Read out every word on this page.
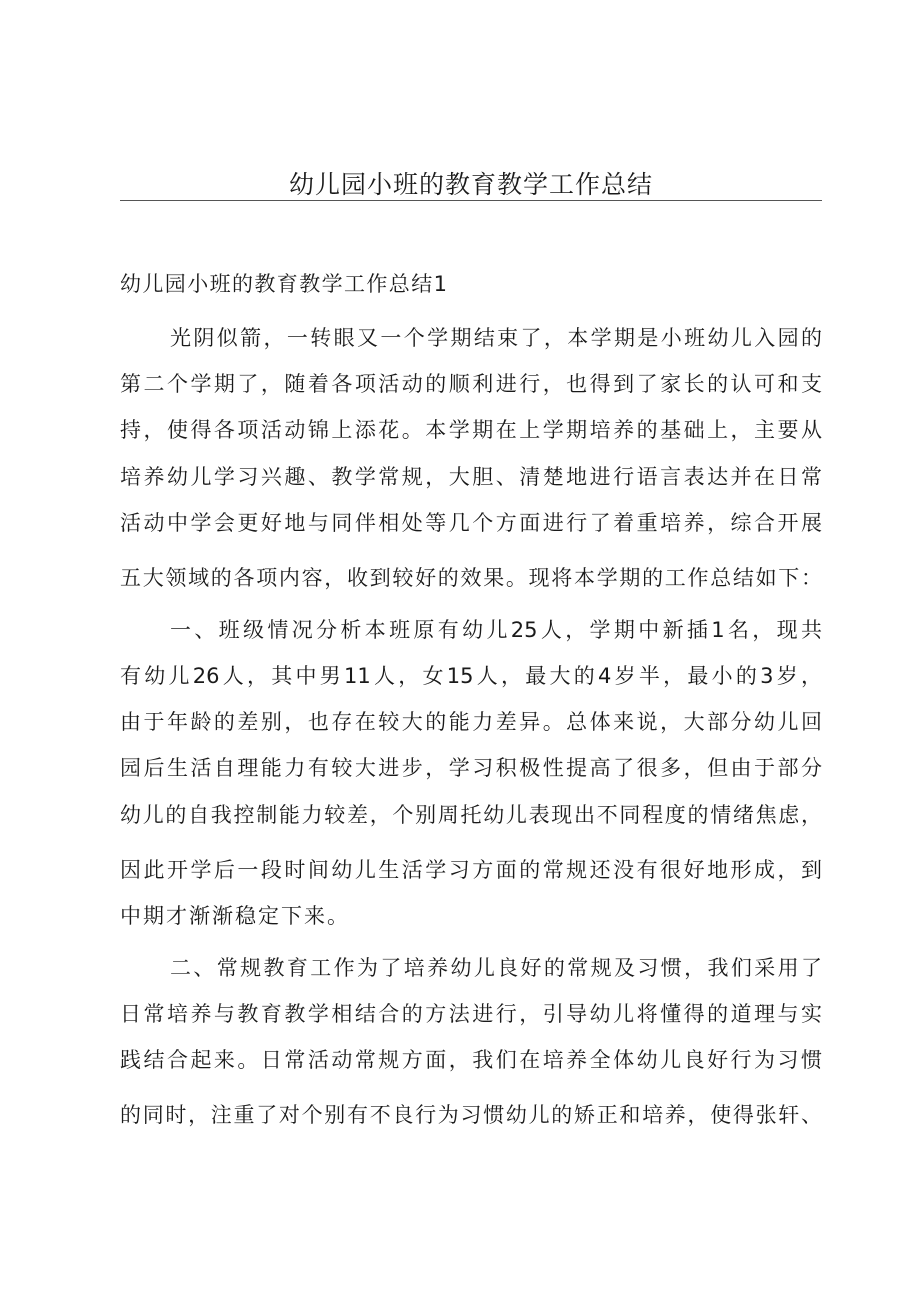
幼儿园小班的教育教学工作总结
幼儿园小班的教育教学工作总结1

光阴似箭，一转眼又一个学期结束了，本学期是小班幼儿入园的

第二个学期了，随着各项活动的顺利进行，也得到了家长的认可和支

持，使得各项活动锦上添花。本学期在上学期培养的基础上，主要从

培养幼儿学习兴趣、教学常规，大胆、清楚地进行语言表达并在日常

活动中学会更好地与同伴相处等几个方面进行了着重培养，综合开展

五大领域的各项内容，收到较好的效果。现将本学期的工作总结如下：

一、班级情况分析本班原有幼儿25人，学期中新插1名，现共

有幼儿26人，其中男11人，女15人，最大的4岁半，最小的3岁，

由于年龄的差别，也存在较大的能力差异。总体来说，大部分幼儿回

园后生活自理能力有较大进步，学习积极性提高了很多，但由于部分

幼儿的自我控制能力较差，个别周托幼儿表现出不同程度的情绪焦虑，

因此开学后一段时间幼儿生活学习方面的常规还没有很好地形成，到

中期才渐渐稳定下来。

二、常规教育工作为了培养幼儿良好的常规及习惯，我们采用了

日常培养与教育教学相结合的方法进行，引导幼儿将懂得的道理与实

践结合起来。日常活动常规方面，我们在培养全体幼儿良好行为习惯

的同时，注重了对个别有不良行为习惯幼儿的矫正和培养，使得张轩、
